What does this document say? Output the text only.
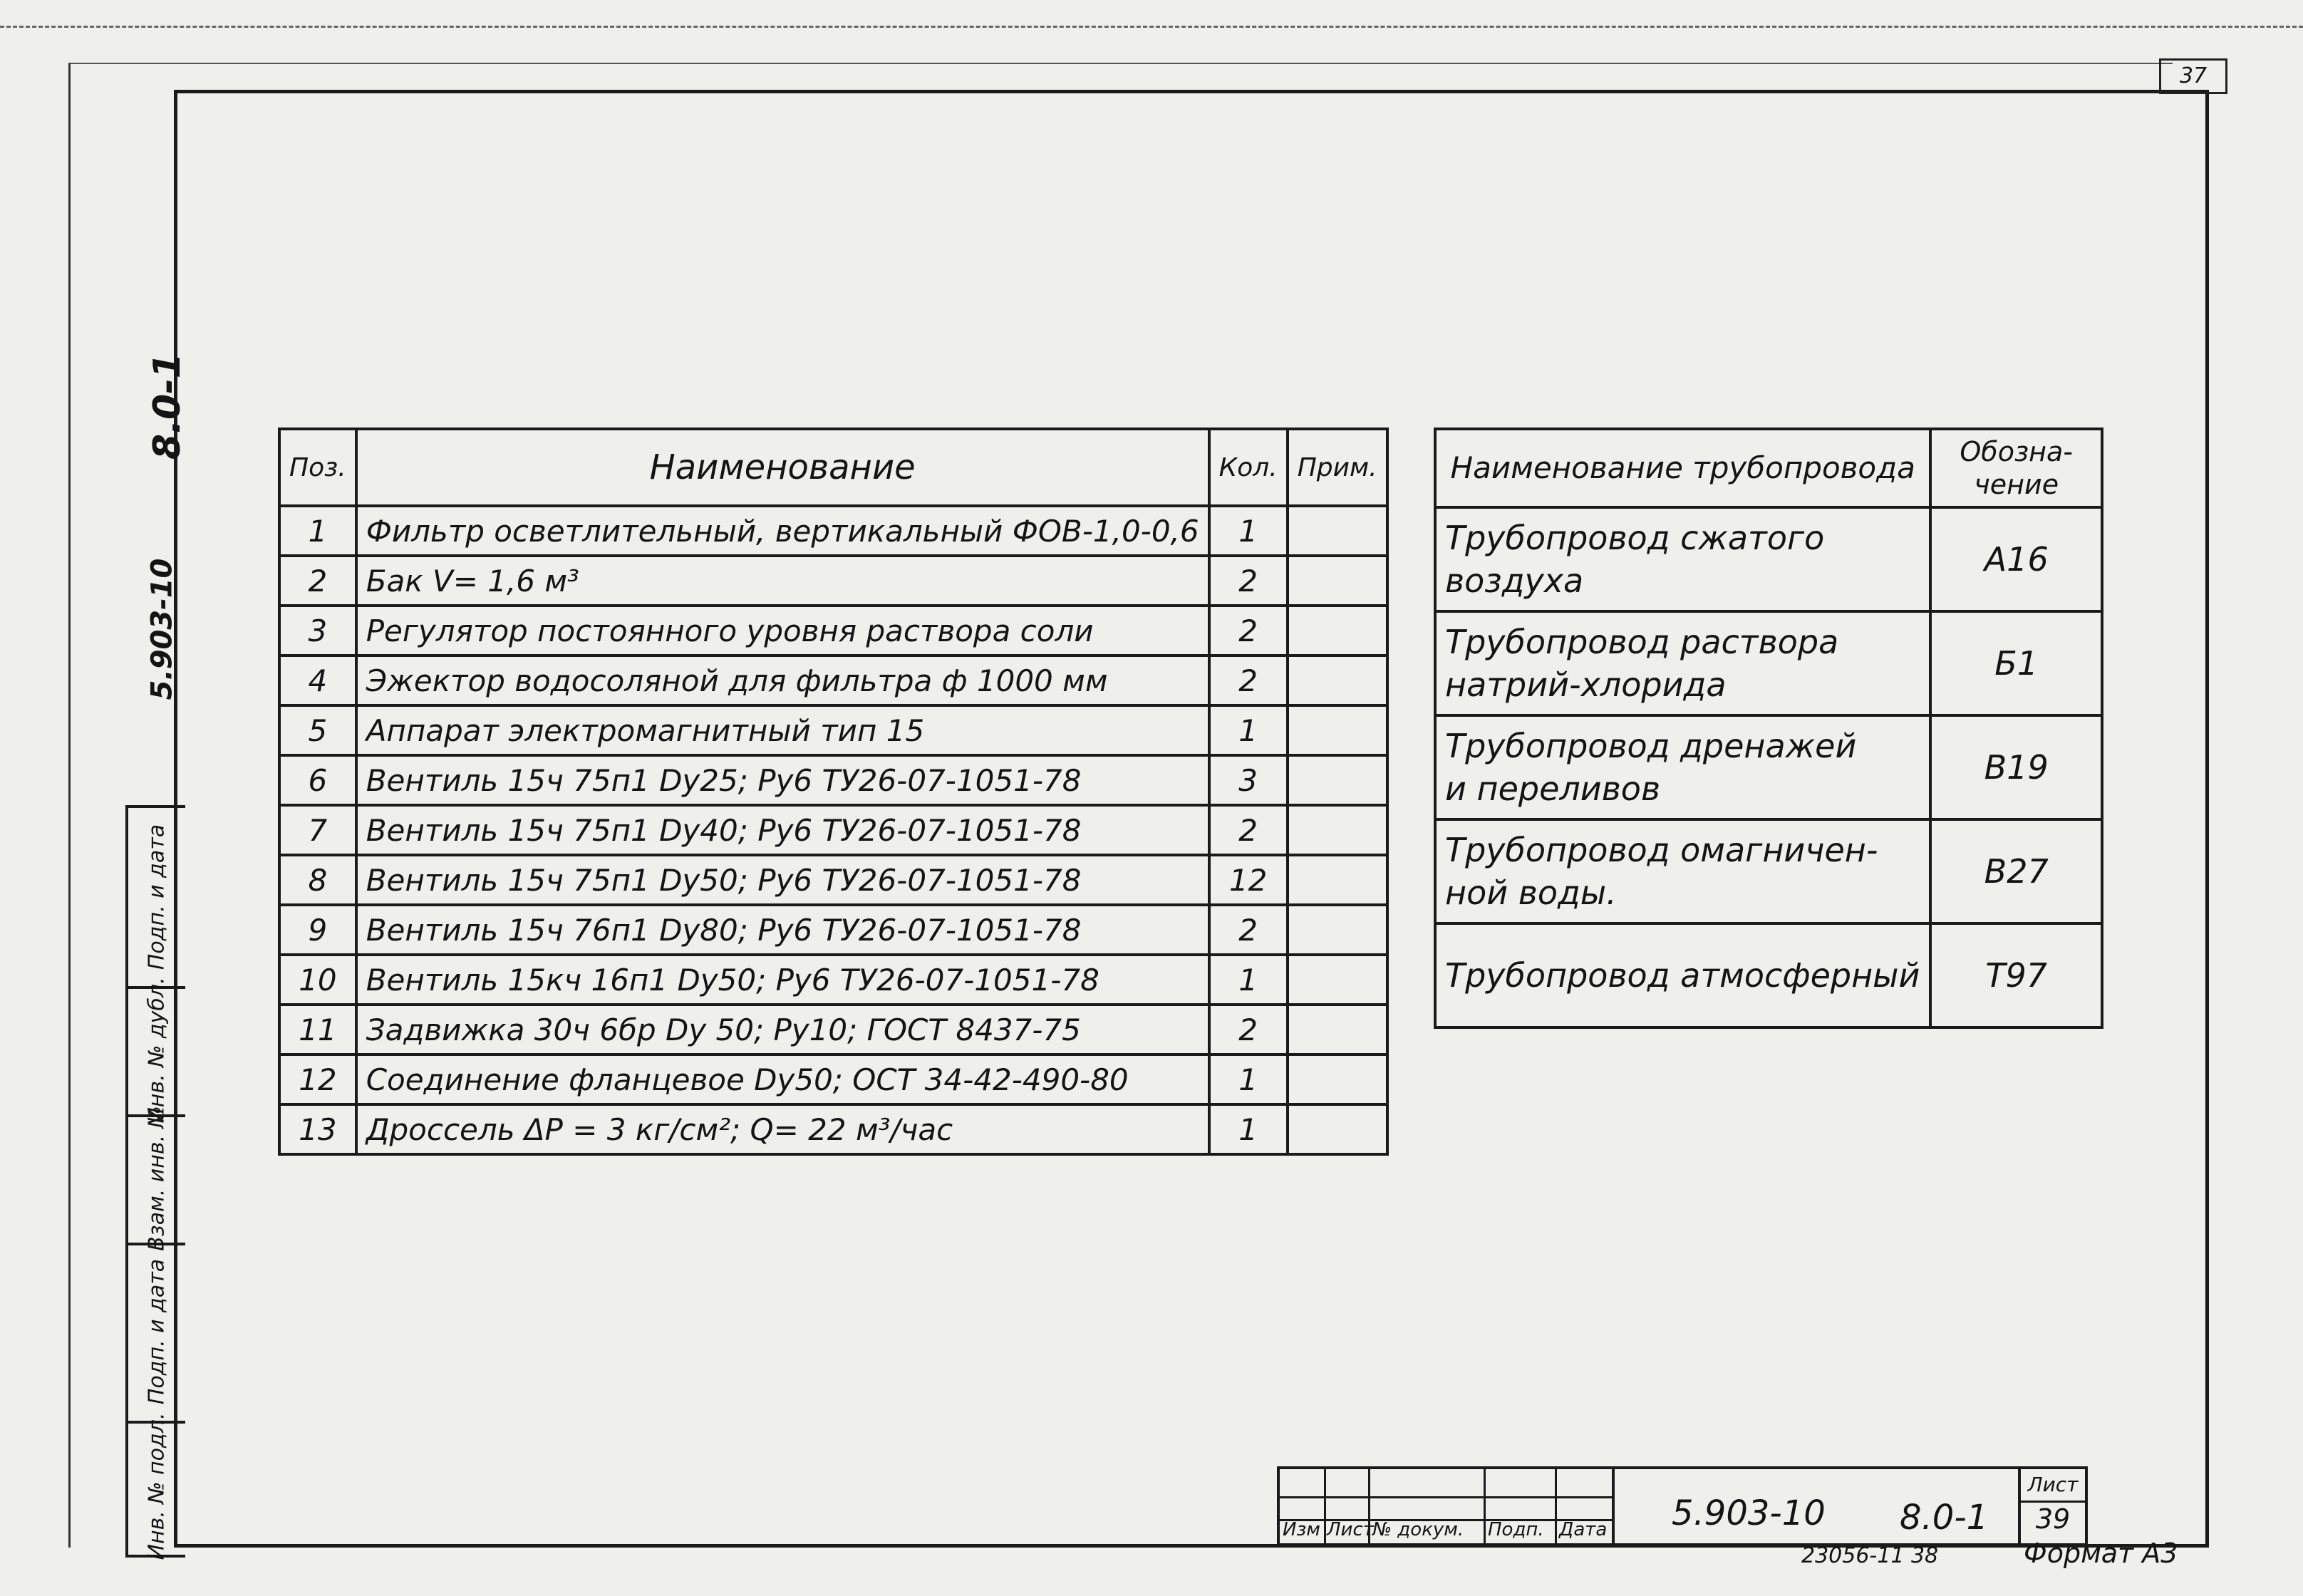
37
8.0-1
5.903-10
Подп. и дата
Инв. № дубл.
Взам. инв. №
Подп. и дата
Инв. № подл.
Поз.	Наименование	Кол.	Прим.
1	Фильтр осветлительный, вертикальный ФОВ-1,0-0,6	1	
2	Бак V= 1,6 м³	2	
3	Регулятор постоянного уровня раствора соли	2	
4	Эжектор водосоляной для фильтра ф 1000 мм	2	
5	Аппарат электромагнитный тип 15	1	
6	Вентиль 15ч 75п1 Dy25; Py6 ТУ26-07-1051-78	3	
7	Вентиль 15ч 75п1 Dy40; Py6 ТУ26-07-1051-78	2	
8	Вентиль 15ч 75п1 Dy50; Py6 ТУ26-07-1051-78	12	
9	Вентиль 15ч 76п1 Dy80; Py6 ТУ26-07-1051-78	2	
10	Вентиль 15кч 16п1 Dy50; Py6 ТУ26-07-1051-78	1	
11	Задвижка 30ч 6бр Dy 50; Py10; ГОСТ 8437-75	2	
12	Соединение фланцевое Dy50; ОСТ 34-42-490-80	1	
13	Дроссель ΔP = 3 кг/см²; Q= 22 м³/час	1	
Наименование трубопровода	Обозна-
чение
Трубопровод сжатого
воздуха	А16
Трубопровод раствора
натрий-хлорида	Б1
Трубопровод дренажей
и переливов	В19
Трубопровод омагничен-
ной воды.	В27
Трубопровод атмосферный	Т97
Изм Лист
№ докум. Подп. Дата 5.903-10 8.0-1
Лист
39
23056-11 38	Формат А3
